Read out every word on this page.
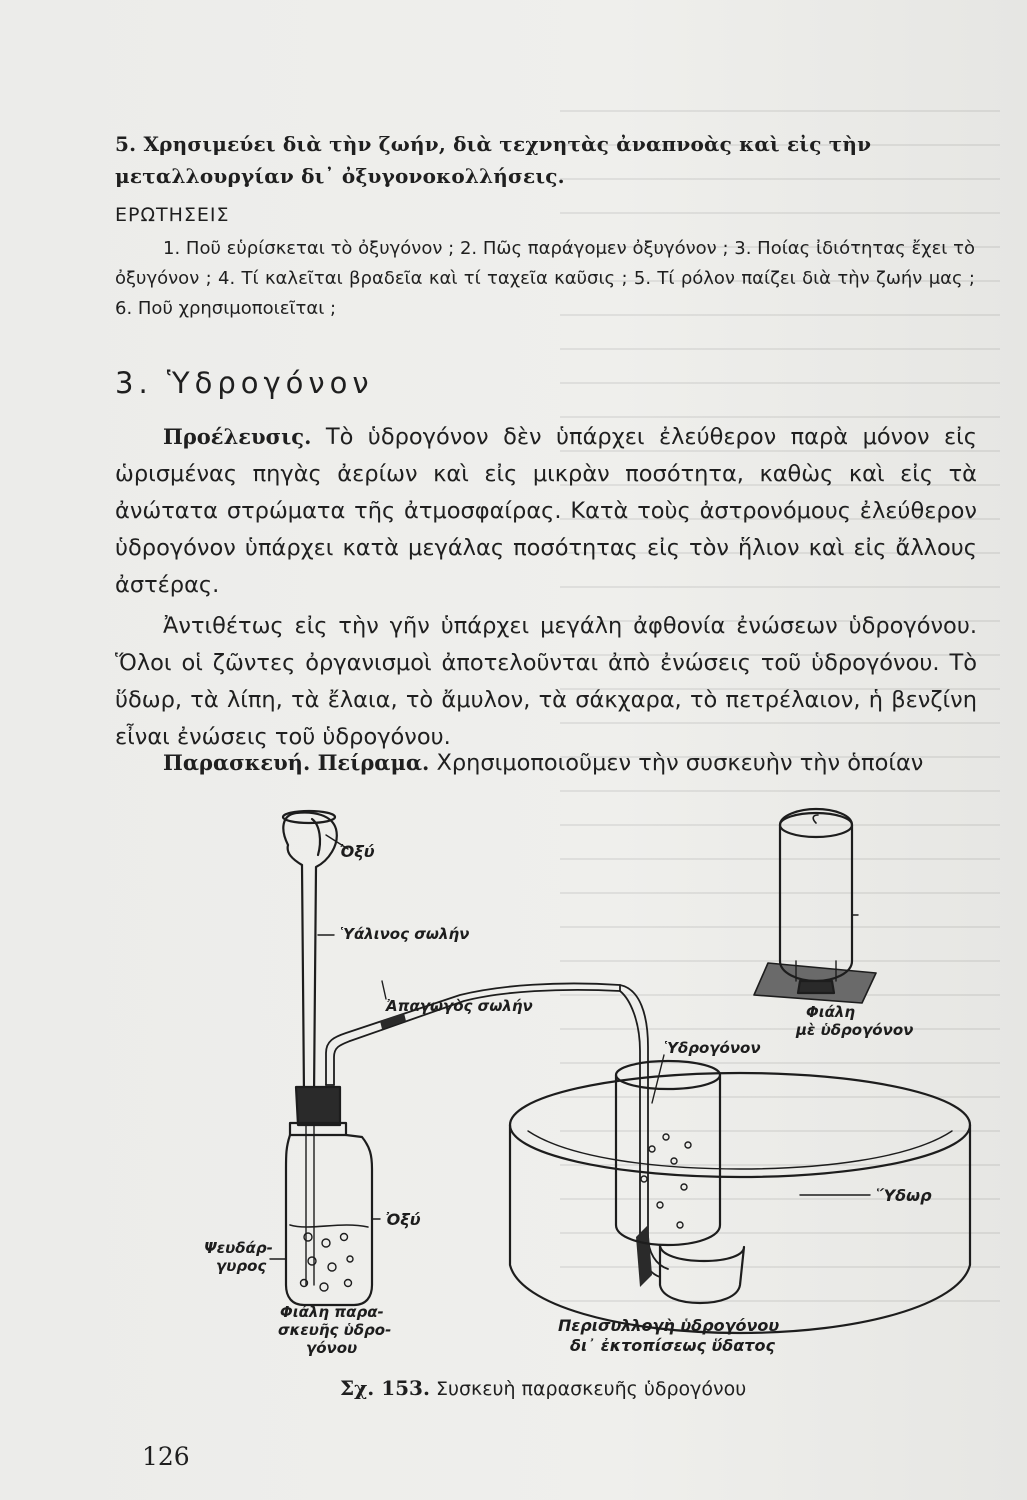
5. Χρησιμεύει διὰ τὴν ζωήν, διὰ τεχνητὰς ἀναπνοὰς καὶ εἰς τὴν μεταλλουργίαν δι᾽ ὀξυγονοκολλήσεις.
ΕΡΩΤΗΣΕΙΣ
1. Ποῦ εὑρίσκεται τὸ ὀξυγόνον ; 2. Πῶς παράγομεν ὀξυγόνον ; 3. Ποίας ἰδιότητας ἔχει τὸ ὀξυγόνον ; 4. Τί καλεῖται βραδεῖα καὶ τί ταχεῖα καῦσις ; 5. Τί ρόλον παίζει διὰ τὴν ζωήν μας ; 6. Ποῦ χρησιμοποιεῖται ;
3. Ὑδρογόνον
Προέλευσις. Τὸ ὑδρογόνον δὲν ὑπάρχει ἐλεύθερον παρὰ μόνον εἰς ὡρισμένας πηγὰς ἀερίων καὶ εἰς μικρὰν ποσότητα, καθὼς καὶ εἰς τὰ ἀνώτατα στρώματα τῆς ἀτμοσφαίρας. Κατὰ τοὺς ἀστρονόμους ἐλεύθερον ὑδρογόνον ὑπάρχει κατὰ μεγάλας ποσότητας εἰς τὸν ἥλιον καὶ εἰς ἄλλους ἀστέρας.
Ἀντιθέτως εἰς τὴν γῆν ὑπάρχει μεγάλη ἀφθονία ἐνώσεων ὑδρογόνου. Ὅλοι οἱ ζῶντες ὀργανισμοὶ ἀποτελοῦνται ἀπὸ ἐνώσεις τοῦ ὑδρογόνου. Τὸ ὕδωρ, τὰ λίπη, τὰ ἔλαια, τὸ ἄμυλον, τὰ σάκχαρα, τὸ πετρέλαιον, ἡ βενζίνη εἶναι ἐνώσεις τοῦ ὑδρογόνου.
Παρασκευή. Πείραμα. Χρησιμοποιοῦμεν τὴν συσκευὴν τὴν ὁποίαν
Ὀξύ
Ὑάλινος σωλήν
Ἀπαγωγὸς σωλήν
Ὑδρογόνον
Φιάλη
μὲ ὑδρογόνον
Ὕδωρ
Ὀξύ
Ψευδάρ-
γυρος
Φιάλη παρα-
σκευῆς ὑδρο-
γόνου
Περισυλλογὴ ὑδρογόνου
δι᾽ ἐκτοπίσεως ὕδατος
Σχ. 153. Συσκευὴ παρασκευῆς ὑδρογόνου
126
